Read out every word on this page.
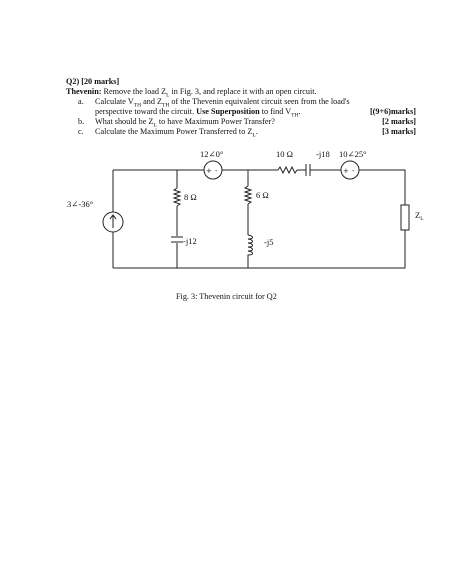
Q2) [20 marks]
Thevenin: Remove the load $Z_L$ in Fig. 3, and replace it with an open circuit.
a. Calculate $V_{TH}$ and $Z_{TH}$ of the Thevenin equivalent circuit seen from the load's
perspective toward the circuit. Use Superposition to find $V_{TH}$.	[(9+6)marks]
b. What should be $Z_L$ to have Maximum Power Transfer?	[2 marks]
c. Calculate the Maximum Power Transferred to $Z_L$.	[3 marks]
+ -	+ -
12∠0°	10 Ω	-j18 10∠25°
3∠-36°
8 Ω	6 Ω
-j12	-j5
$Z_L$
Fig. 3: Thevenin circuit for Q2
